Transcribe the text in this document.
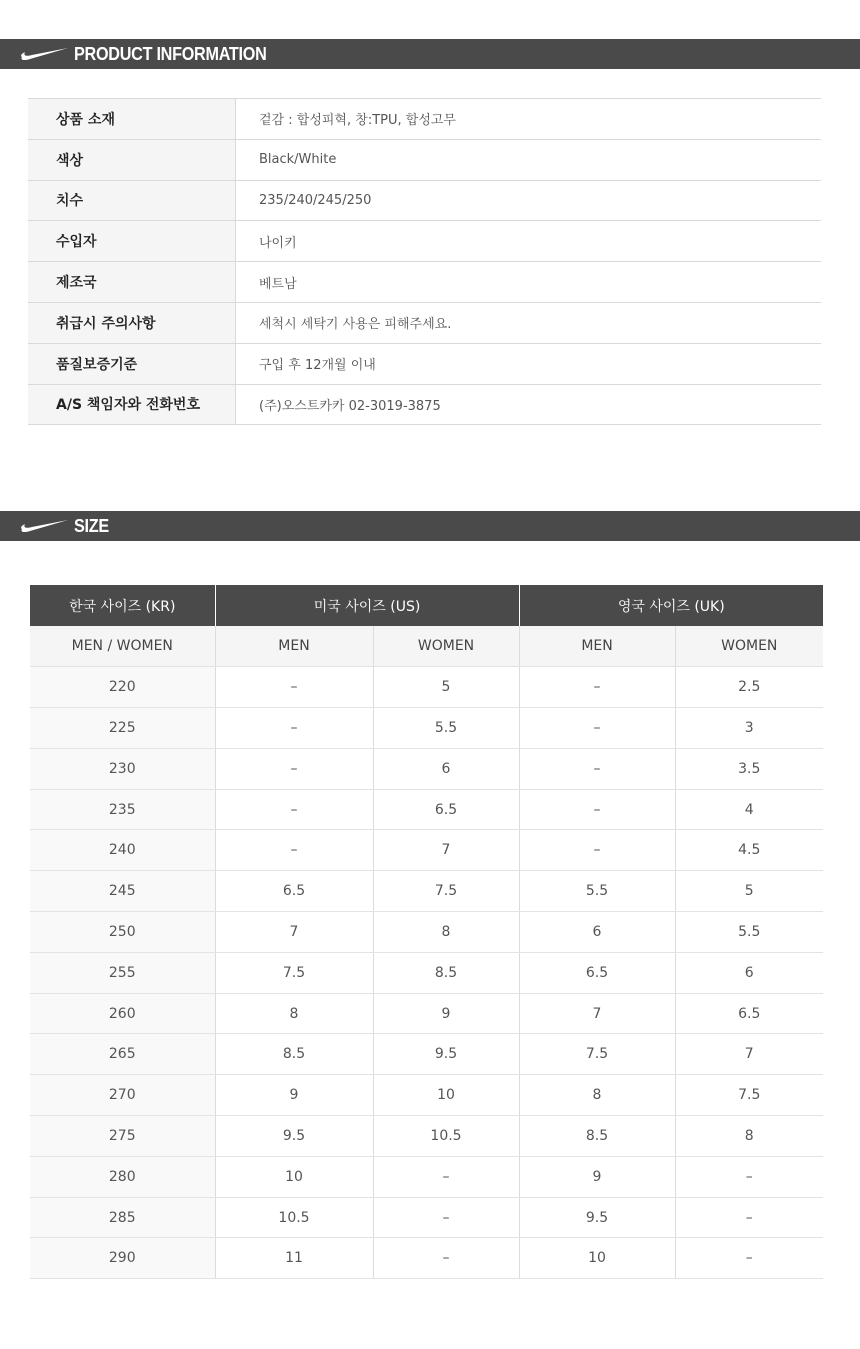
PRODUCT INFORMATION
상품 소재	겉감 : 합성피혁, 창:TPU, 합성고무
색상	Black/White
치수	235/240/245/250
수입자	나이키
제조국	베트남
취급시 주의사항	세척시 세탁기 사용은 피해주세요.
품질보증기준	구입 후 12개월 이내
A/S 책임자와 전화번호	(주)오스트카카 02-3019-3875
SIZE
한국 사이즈 (KR)	미국 사이즈 (US)		영국 사이즈 (UK)	
MEN / WOMEN	MEN	WOMEN	MEN	WOMEN
220	–	5	–	2.5
225	–	5.5	–	3
230	–	6	–	3.5
235	–	6.5	–	4
240	–	7	–	4.5
245	6.5	7.5	5.5	5
250	7	8	6	5.5
255	7.5	8.5	6.5	6
260	8	9	7	6.5
265	8.5	9.5	7.5	7
270	9	10	8	7.5
275	9.5	10.5	8.5	8
280	10	–	9	–
285	10.5	–	9.5	–
290	11	–	10	–
